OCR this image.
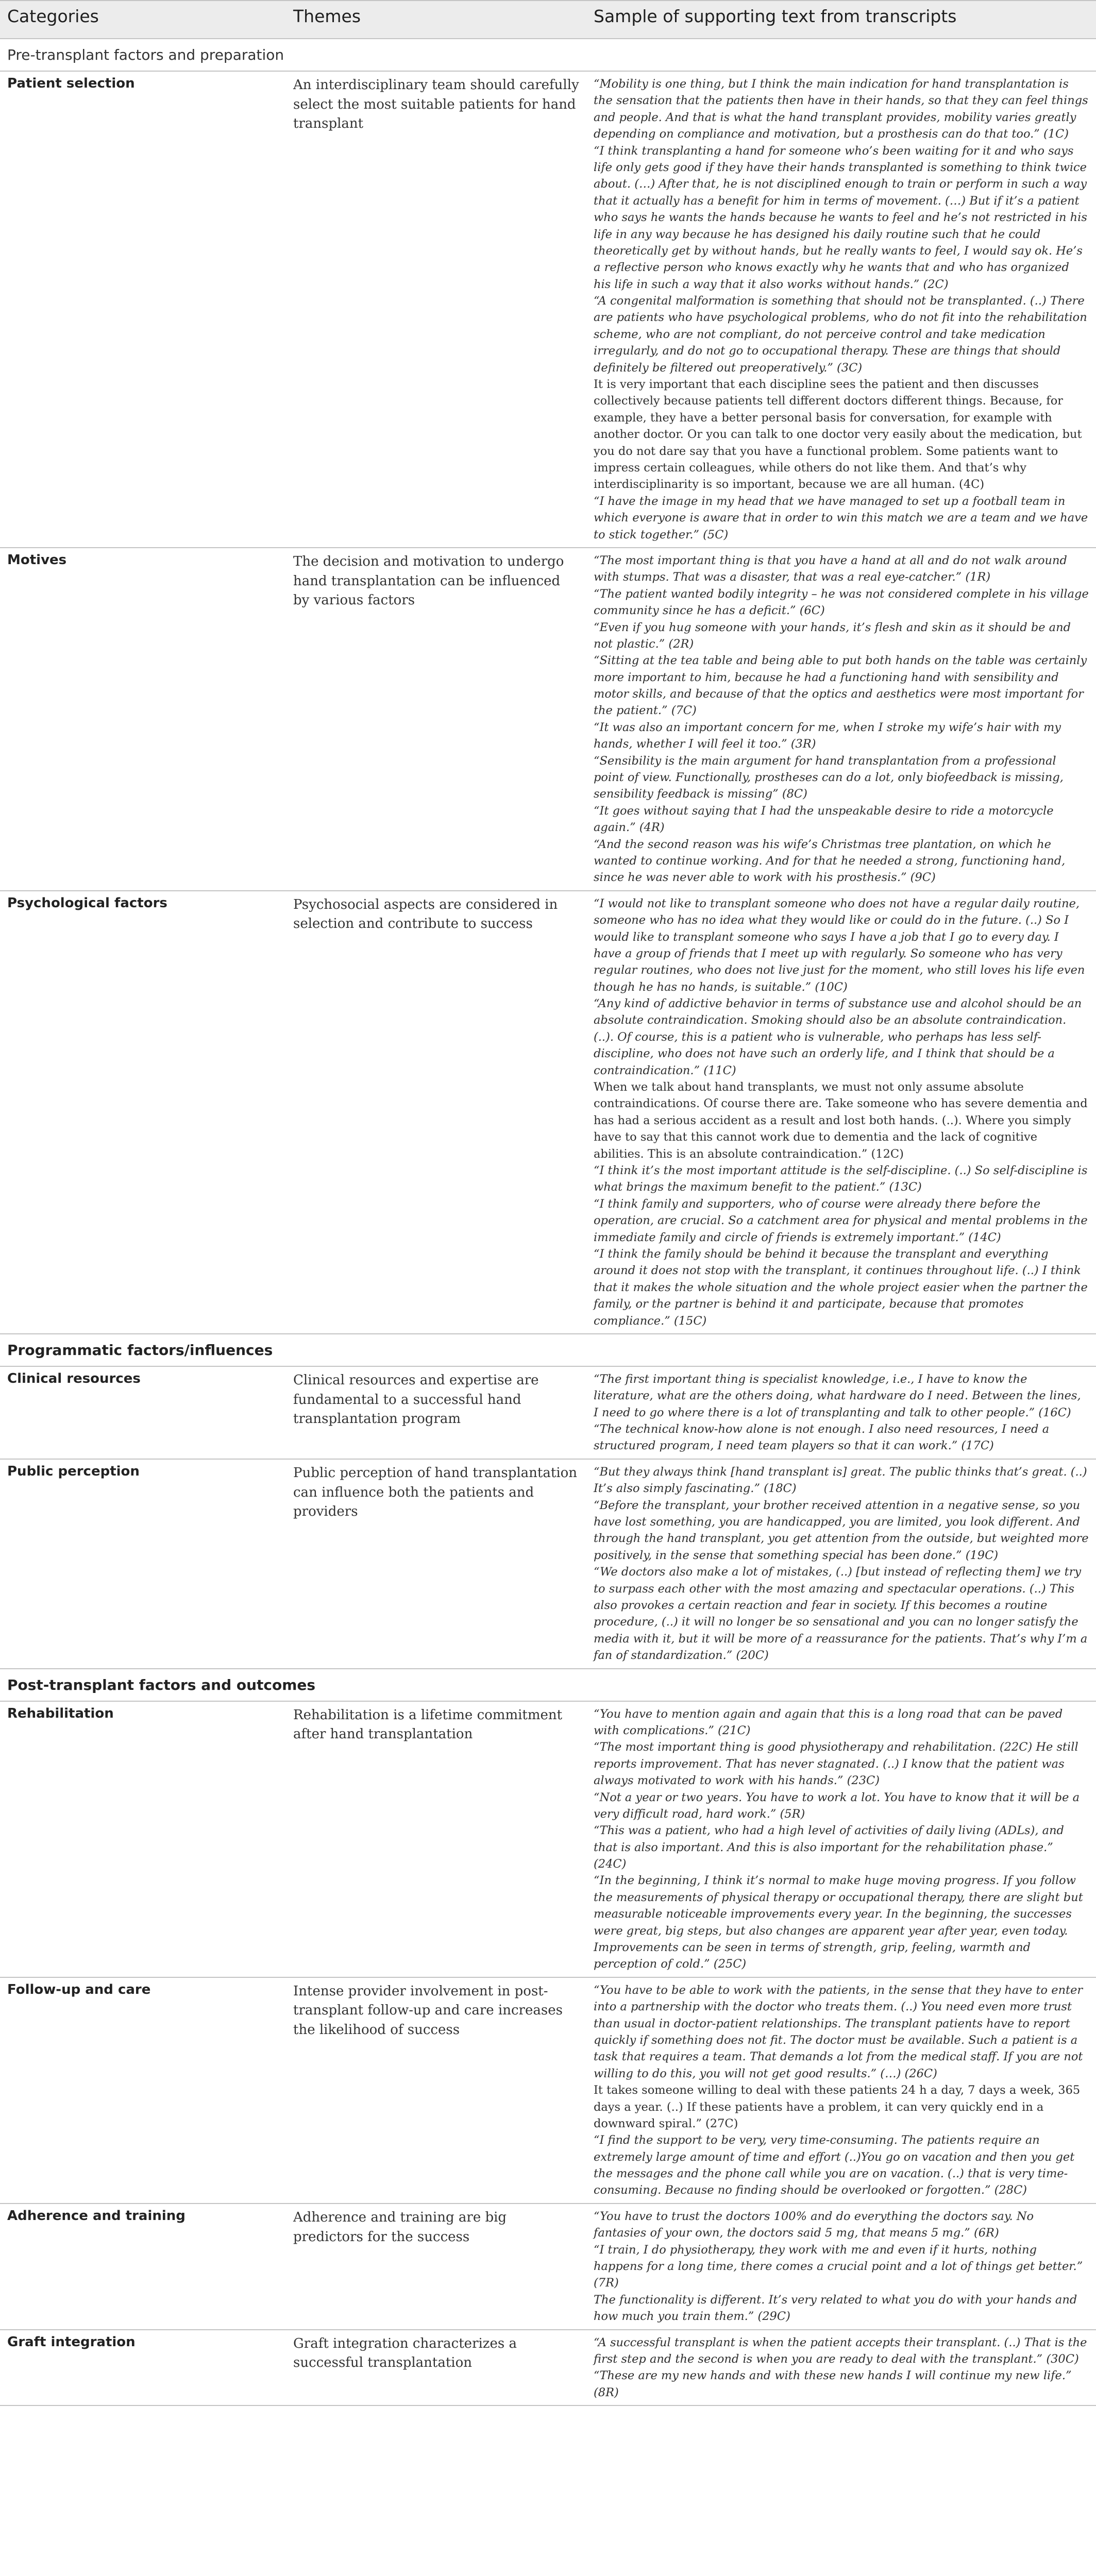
Categories	Themes	Sample of supporting text from transcripts
Pre-transplant factors and preparation
Patient selection	An interdisciplinary team should carefully select the most suitable patients for hand transplant
“Mobility is one thing, but I think the main indication for hand transplantation is the sensation that the patients then have in their hands, so that they can feel things and people. And that is what the hand transplant provides, mobility varies greatly depending on compliance and motivation, but a prosthesis can do that too.” (1C)
“I think transplanting a hand for someone who’s been waiting for it and who says life only gets good if they have their hands transplanted is something to think twice about. (…) After that, he is not disciplined enough to train or perform in such a way that it actually has a benefit for him in terms of movement. (…) But if it’s a patient who says he wants the hands because he wants to feel and he’s not restricted in his life in any way because he has designed his daily routine such that he could theoretically get by without hands, but he really wants to feel, I would say ok. He’s a reflective person who knows exactly why he wants that and who has organized his life in such a way that it also works without hands.” (2C)
“A congenital malformation is something that should not be transplanted. (..) There are patients who have psychological problems, who do not fit into the rehabilitation scheme, who are not compliant, do not perceive control and take medication irregularly, and do not go to occupational therapy. These are things that should definitely be filtered out preoperatively.” (3C)
It is very important that each discipline sees the patient and then discusses collectively because patients tell different doctors different things. Because, for example, they have a better personal basis for conversation, for example with another doctor. Or you can talk to one doctor very easily about the medication, but you do not dare say that you have a functional problem. Some patients want to impress certain colleagues, while others do not like them. And that’s why interdisciplinarity is so important, because we are all human. (4C)
“I have the image in my head that we have managed to set up a football team in which everyone is aware that in order to win this match we are a team and we have to stick together.” (5C)
Motives	The decision and motivation to undergo hand transplantation can be influenced by various factors
“The most important thing is that you have a hand at all and do not walk around with stumps. That was a disaster, that was a real eye-catcher.” (1R)
“The patient wanted bodily integrity – he was not considered complete in his village community since he has a deficit.” (6C)
“Even if you hug someone with your hands, it’s flesh and skin as it should be and not plastic.” (2R)
“Sitting at the tea table and being able to put both hands on the table was certainly more important to him, because he had a functioning hand with sensibility and motor skills, and because of that the optics and aesthetics were most important for the patient.” (7C)
“It was also an important concern for me, when I stroke my wife’s hair with my hands, whether I will feel it too.” (3R)
“Sensibility is the main argument for hand transplantation from a professional point of view. Functionally, prostheses can do a lot, only biofeedback is missing, sensibility feedback is missing” (8C)
“It goes without saying that I had the unspeakable desire to ride a motorcycle again.” (4R)
“And the second reason was his wife’s Christmas tree plantation, on which he wanted to continue working. And for that he needed a strong, functioning hand, since he was never able to work with his prosthesis.” (9C)
Psychological factors	Psychosocial aspects are considered in selection and contribute to success
“I would not like to transplant someone who does not have a regular daily routine, someone who has no idea what they would like or could do in the future. (..) So I would like to transplant someone who says I have a job that I go to every day. I have a group of friends that I meet up with regularly. So someone who has very regular routines, who does not live just for the moment, who still loves his life even though he has no hands, is suitable.” (10C)
“Any kind of addictive behavior in terms of substance use and alcohol should be an absolute contraindication. Smoking should also be an absolute contraindication. (..). Of course, this is a patient who is vulnerable, who perhaps has less self-discipline, who does not have such an orderly life, and I think that should be a contraindication.” (11C)
When we talk about hand transplants, we must not only assume absolute contraindications. Of course there are. Take someone who has severe dementia and has had a serious accident as a result and lost both hands. (..). Where you simply have to say that this cannot work due to dementia and the lack of cognitive abilities. This is an absolute contraindication.” (12C)
“I think it’s the most important attitude is the self-discipline. (..) So self-discipline is what brings the maximum benefit to the patient.” (13C)
“I think family and supporters, who of course were already there before the operation, are crucial. So a catchment area for physical and mental problems in the immediate family and circle of friends is extremely important.” (14C)
“I think the family should be behind it because the transplant and everything around it does not stop with the transplant, it continues throughout life. (..) I think that it makes the whole situation and the whole project easier when the partner the family, or the partner is behind it and participate, because that promotes compliance.” (15C)
Programmatic factors/influences
Clinical resources	Clinical resources and expertise are fundamental to a successful hand transplantation program
“The first important thing is specialist knowledge, i.e., I have to know the literature, what are the others doing, what hardware do I need. Between the lines, I need to go where there is a lot of transplanting and talk to other people.” (16C)
“The technical know-how alone is not enough. I also need resources, I need a structured program, I need team players so that it can work.” (17C)
Public perception	Public perception of hand transplantation can influence both the patients and providers
“But they always think [hand transplant is] great. The public thinks that’s great. (..) It’s also simply fascinating.” (18C)
“Before the transplant, your brother received attention in a negative sense, so you have lost something, you are handicapped, you are limited, you look different. And through the hand transplant, you get attention from the outside, but weighted more positively, in the sense that something special has been done.” (19C)
“We doctors also make a lot of mistakes, (..) [but instead of reflecting them] we try to surpass each other with the most amazing and spectacular operations. (..) This also provokes a certain reaction and fear in society. If this becomes a routine procedure, (..) it will no longer be so sensational and you can no longer satisfy the media with it, but it will be more of a reassurance for the patients. That’s why I’m a fan of standardization.” (20C)
Post-transplant factors and outcomes
Rehabilitation	Rehabilitation is a lifetime commitment after hand transplantation
“You have to mention again and again that this is a long road that can be paved with complications.” (21C)
“The most important thing is good physiotherapy and rehabilitation. (22C) He still reports improvement. That has never stagnated. (..) I know that the patient was always motivated to work with his hands.” (23C)
“Not a year or two years. You have to work a lot. You have to know that it will be a very difficult road, hard work.” (5R)
“This was a patient, who had a high level of activities of daily living (ADLs), and that is also important. And this is also important for the rehabilitation phase.” (24C)
“In the beginning, I think it’s normal to make huge moving progress. If you follow the measurements of physical therapy or occupational therapy, there are slight but measurable noticeable improvements every year. In the beginning, the successes were great, big steps, but also changes are apparent year after year, even today. Improvements can be seen in terms of strength, grip, feeling, warmth and perception of cold.” (25C)
Follow-up and care	Intense provider involvement in post-transplant follow-up and care increases the likelihood of success
“You have to be able to work with the patients, in the sense that they have to enter into a partnership with the doctor who treats them. (..) You need even more trust than usual in doctor-patient relationships. The transplant patients have to report quickly if something does not fit. The doctor must be available. Such a patient is a task that requires a team. That demands a lot from the medical staff. If you are not willing to do this, you will not get good results.” (…) (26C)
It takes someone willing to deal with these patients 24 h a day, 7 days a week, 365 days a year. (..) If these patients have a problem, it can very quickly end in a downward spiral.” (27C)
“I find the support to be very, very time-consuming. The patients require an extremely large amount of time and effort (..)You go on vacation and then you get the messages and the phone call while you are on vacation. (..) that is very time-consuming. Because no finding should be overlooked or forgotten.” (28C)
Adherence and training	Adherence and training are big predictors for the success
“You have to trust the doctors 100% and do everything the doctors say. No fantasies of your own, the doctors said 5 mg, that means 5 mg.” (6R)
“I train, I do physiotherapy, they work with me and even if it hurts, nothing happens for a long time, there comes a crucial point and a lot of things get better.” (7R)
The functionality is different. It’s very related to what you do with your hands and how much you train them.” (29C)
Graft integration	Graft integration characterizes a successful transplantation
“A successful transplant is when the patient accepts their transplant. (..) That is the first step and the second is when you are ready to deal with the transplant.” (30C)
“These are my new hands and with these new hands I will continue my new life.” (8R)
